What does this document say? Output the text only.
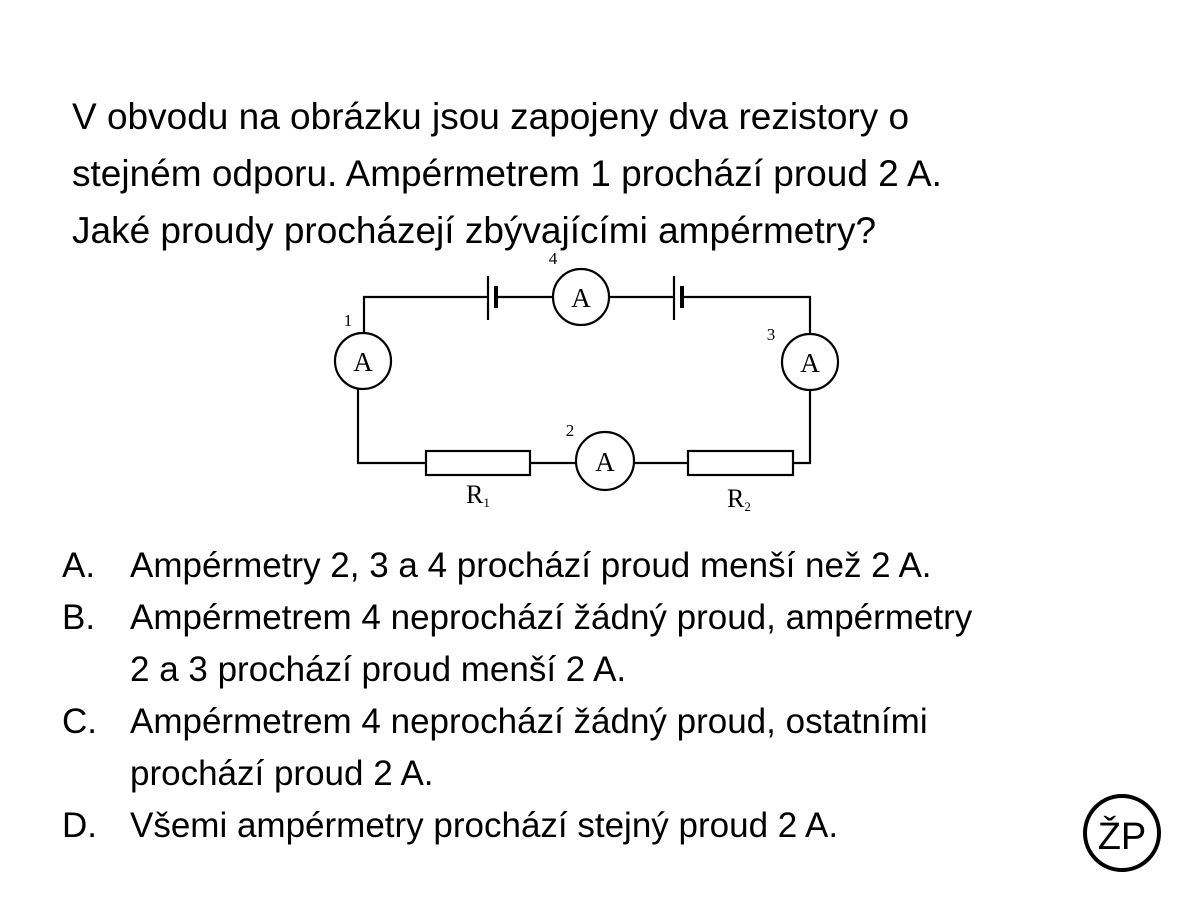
V obvodu na obrázku jsou zapojeny dva rezistory o
stejném odporu. Ampérmetrem 1 prochází proud 2 A.
Jaké proudy procházejí zbývajícími ampérmetry?
A
A	A
A
4
1
3
2
R1	R2
A. Ampérmetry 2, 3 a 4 prochází proud menší než 2 A.
B. Ampérmetrem 4 neprochází žádný proud, ampérmetry
2 a 3 prochází proud menší 2 A.
C. Ampérmetrem 4 neprochází žádný proud, ostatními
prochází proud 2 A.
D. Všemi ampérmetry prochází stejný proud 2 A.	ŽP
